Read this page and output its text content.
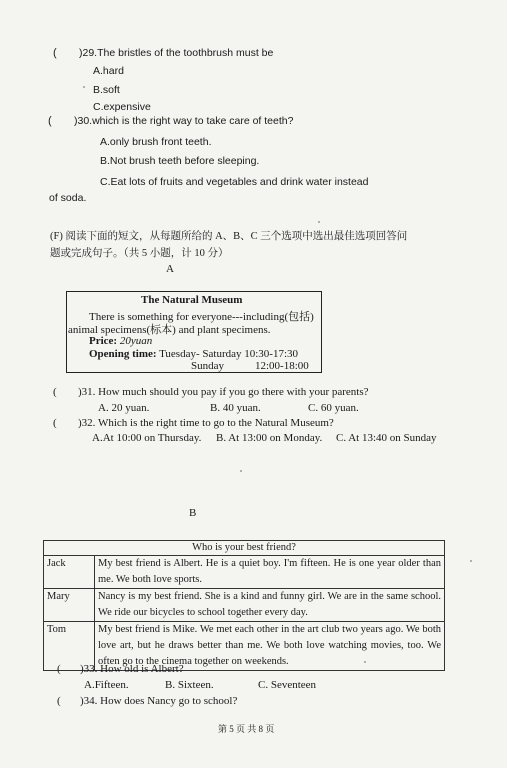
( )29.The bristles of the toothbrush must be
A.hard
B.soft
C.expensive
( )30.which is the right way to take care of teeth?
A.only brush front teeth.
B.Not brush teeth before sleeping.
C.Eat lots of fruits and vegetables and drink water instead
of soda.
(F) 阅读下面的短文，从每题所给的 A、B、C 三个选项中选出最佳选项回答问
题或完成句子。（共 5 小题，计 10 分）
A
The Natural Museum
There is something for everyone---including(包括)
animal specimens(标本) and plant specimens.
Price: 20yuan
Opening time: Tuesday- Saturday 10:30-17:30
Sunday	12:00-18:00
( )31. How much should you pay if you go there with your parents?
A. 20 yuan.	B. 40 yuan.	C. 60 yuan.
( )32. Which is the right time to go to the Natural Museum?
A.At 10:00 on Thursday. B. At 13:00 on Monday. C. At 13:40 on Sunday
B
Who is your best friend?	
Jack	My best friend is Albert. He is a quiet boy. I'm fifteen. He is one year older than me. We both love sports.
Mary	Nancy is my best friend. She is a kind and funny girl. We are in the same school. We ride our bicycles to school together every day.
Tom	My best friend is Mike. We met each other in the art club two years ago. We both love art, but he draws better than me. We both love watching movies, too. We often go to the cinema together on weekends.
( )33. How old is Albert?
A.Fifteen.	B. Sixteen.	C. Seventeen
( )34. How does Nancy go to school?
第 5 页 共 8 页
